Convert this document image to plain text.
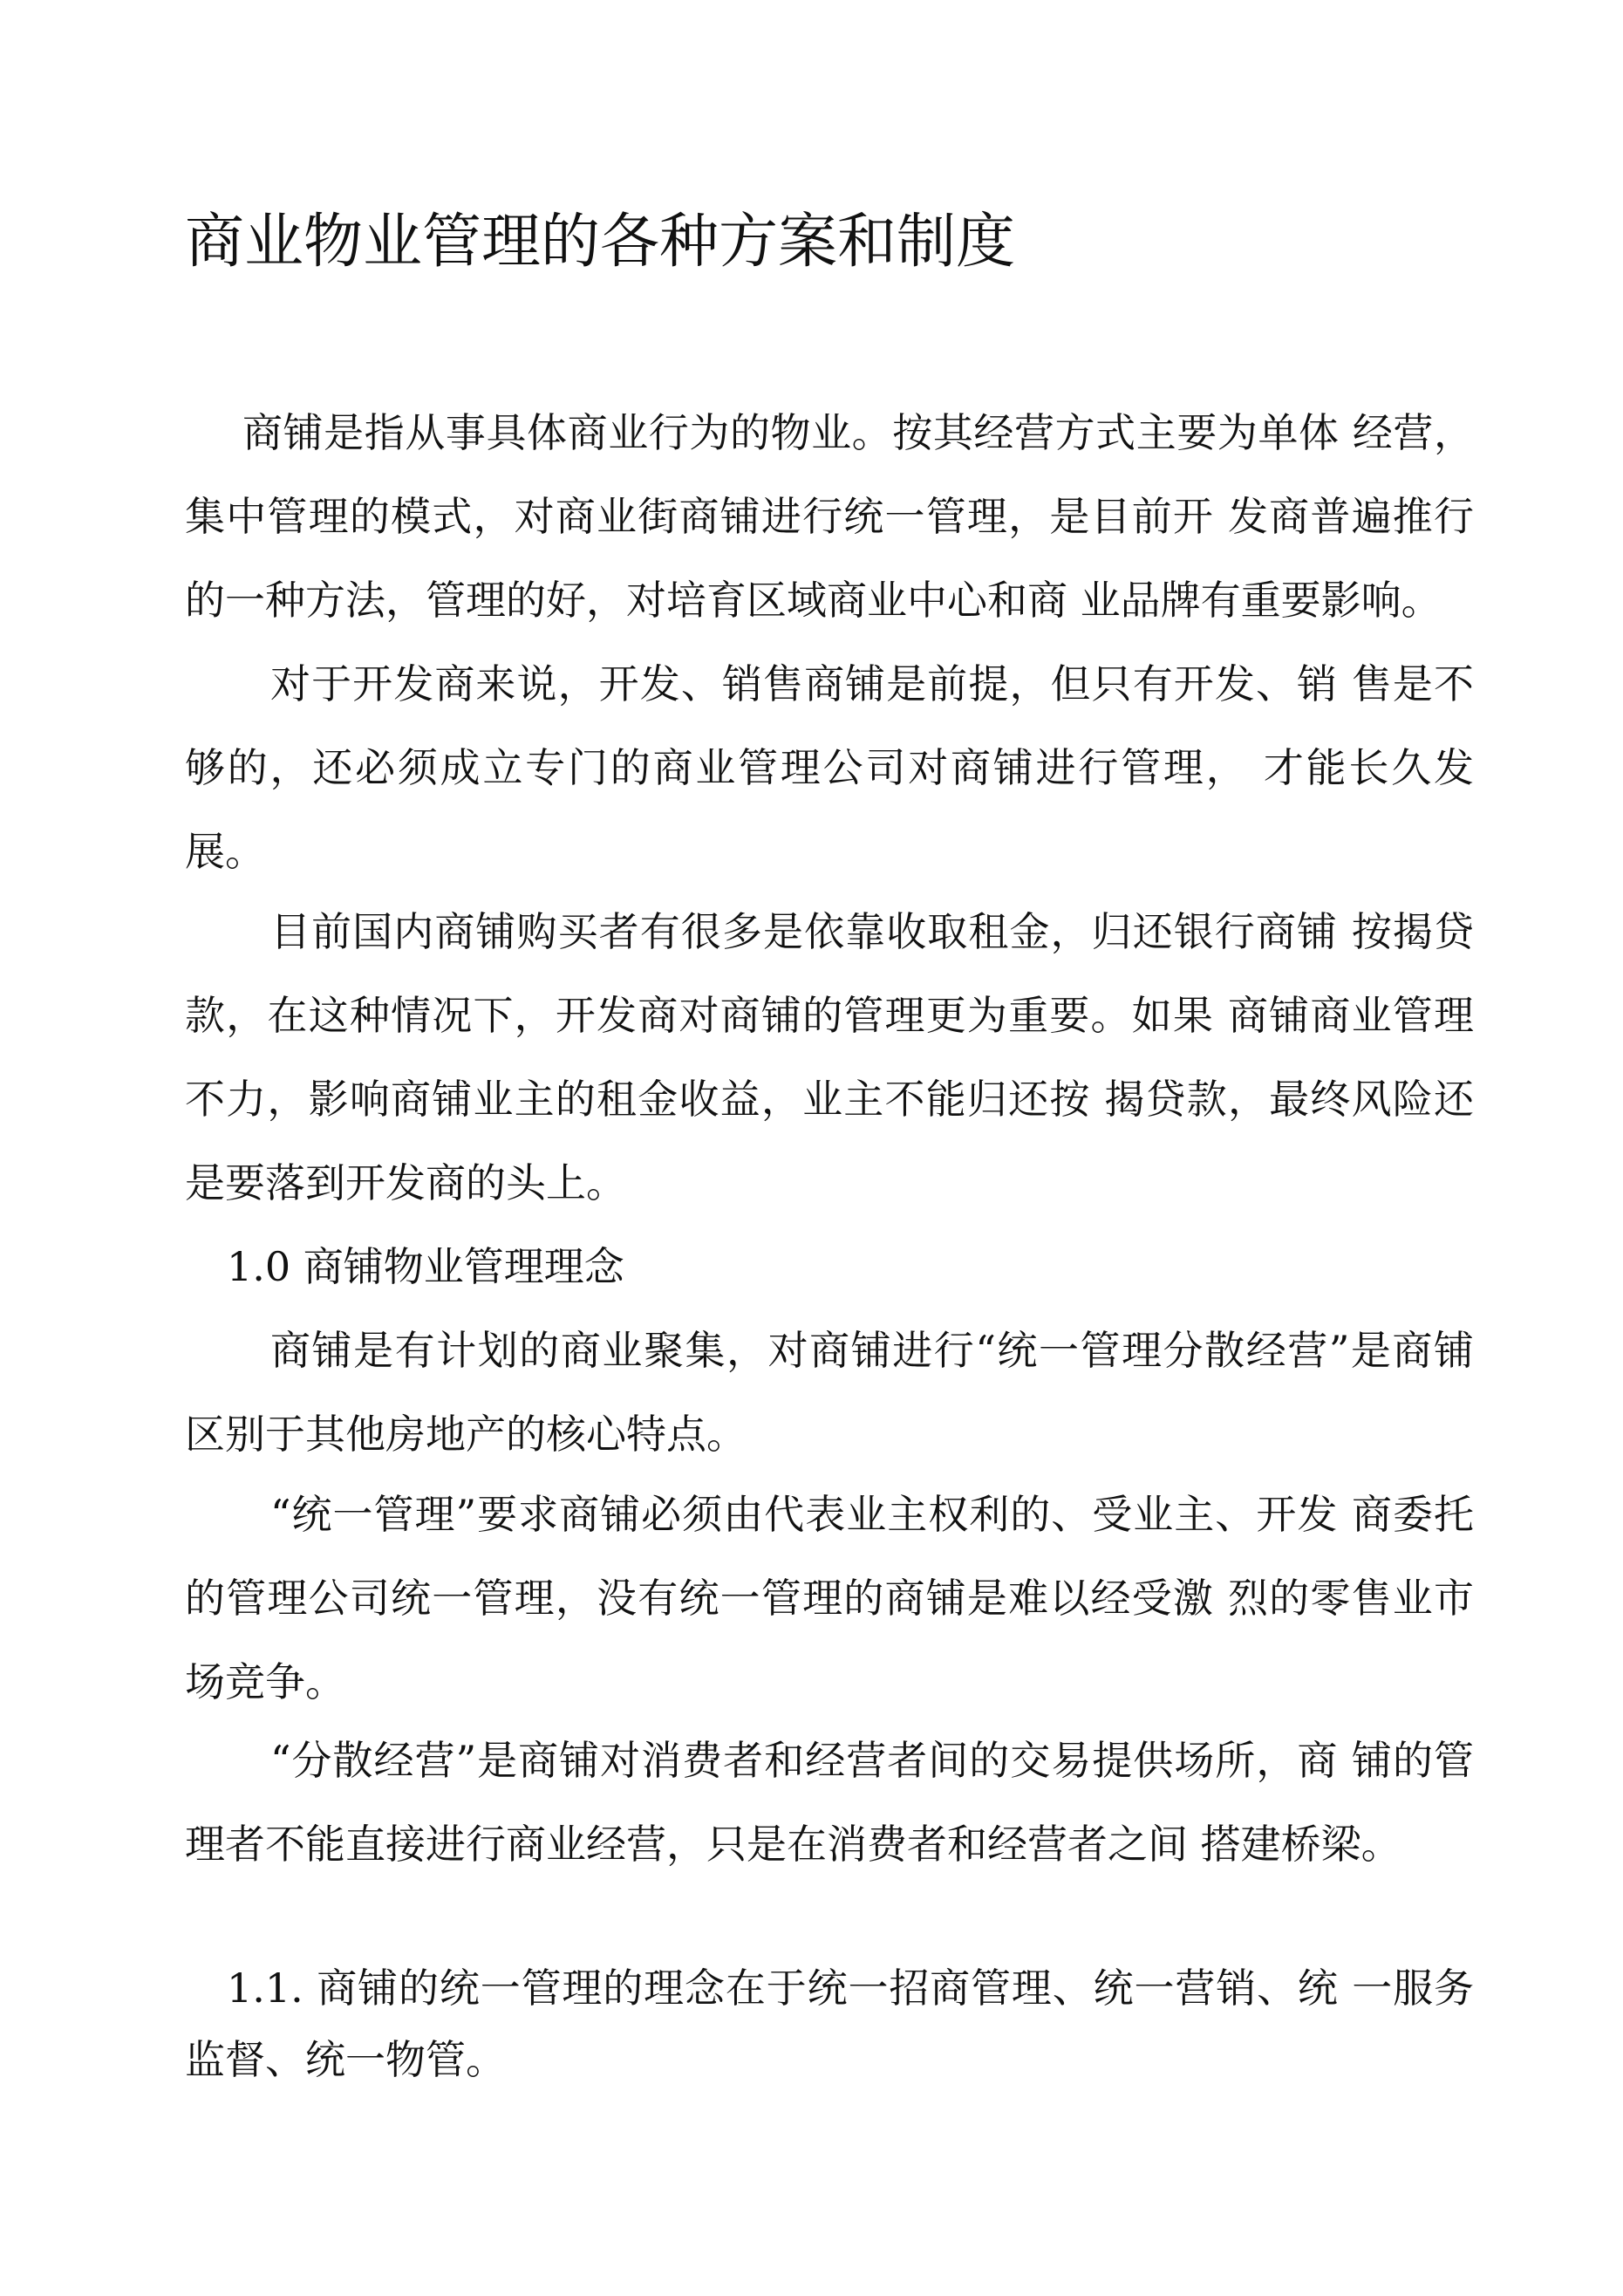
商业物业管理的各种方案和制度

商铺是指从事具体商业行为的物业。按其经营方式主要为单体 经营，集中管理的模式，对商业街商铺进行统一管理，是目前开 发商普遍推行的一种方法，管理的好，对培育区域商业中心和商 业品牌有重要影响。

对于开发商来说，开发、销售商铺是前提，但只有开发、销 售是不够的，还必须成立专门的商业管理公司对商铺进行管理， 才能长久发展。

目前国内商铺购买者有很多是依靠收取租金，归还银行商铺 按揭贷款，在这种情况下，开发商对商铺的管理更为重要。如果 商铺商业管理不力，影响商铺业主的租金收益，业主不能归还按 揭贷款，最终风险还是要落到开发商的头上。

1.0 商铺物业管理理念

商铺是有计划的商业聚集，对商铺进行“统一管理分散经营”是商铺区别于其他房地产的核心特点。

“统一管理”要求商铺必须由代表业主权利的、受业主、开发 商委托的管理公司统一管理，没有统一管理的商铺是难以经受激 烈的零售业市场竞争。

“分散经营”是商铺对消费者和经营者间的交易提供场所，商 铺的管理者不能直接进行商业经营，只是在消费者和经营者之间 搭建桥梁。

1.1. 商铺的统一管理的理念在于统一招商管理、统一营销、统 一服务监督、统一物管。
